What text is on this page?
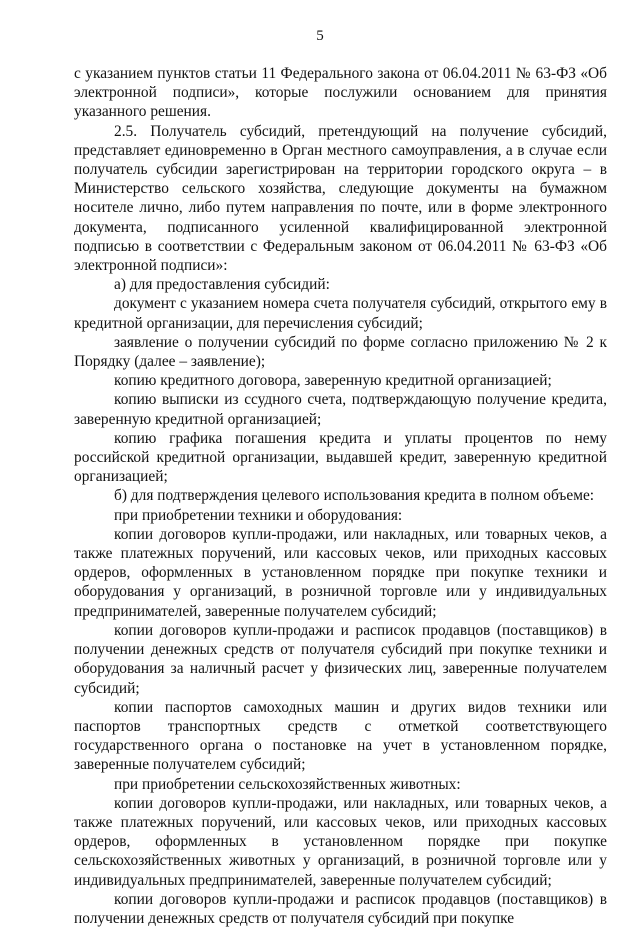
5

с указанием пунктов статьи 11 Федерального закона от 06.04.2011 № 63-ФЗ «Об электронной подписи», которые послужили основанием для принятия указанного решения.

2.5. Получатель субсидий, претендующий на получение субсидий, представляет единовременно в Орган местного самоуправления, а в случае если получатель субсидии зарегистрирован на территории городского округа – в Министерство сельского хозяйства, следующие документы на бумажном носителе лично, либо путем направления по почте, или в форме электронного документа, подписанного усиленной квалифицированной электронной подписью в соответствии с Федеральным законом от 06.04.2011 № 63-ФЗ «Об электронной подписи»:

а) для предоставления субсидий:

документ с указанием номера счета получателя субсидий, открытого ему в кредитной организации, для перечисления субсидий;

заявление о получении субсидий по форме согласно приложению № 2 к Порядку (далее – заявление);

копию кредитного договора, заверенную кредитной организацией;

копию выписки из ссудного счета, подтверждающую получение кредита, заверенную кредитной организацией;

копию графика погашения кредита и уплаты процентов по нему российской кредитной организации, выдавшей кредит, заверенную кредитной организацией;

б) для подтверждения целевого использования кредита в полном объеме:

при приобретении техники и оборудования:

копии договоров купли-продажи, или накладных, или товарных чеков, а также платежных поручений, или кассовых чеков, или приходных кассовых ордеров, оформленных в установленном порядке при покупке техники и оборудования у организаций, в розничной торговле или у индивидуальных предпринимателей, заверенные получателем субсидий;

копии договоров купли-продажи и расписок продавцов (поставщиков) в получении денежных средств от получателя субсидий при покупке техники и оборудования за наличный расчет у физических лиц, заверенные получателем субсидий;

копии паспортов самоходных машин и других видов техники или паспортов транспортных средств с отметкой соответствующего государственного органа о постановке на учет в установленном порядке, заверенные получателем субсидий;

при приобретении сельскохозяйственных животных:

копии договоров купли-продажи, или накладных, или товарных чеков, а также платежных поручений, или кассовых чеков, или приходных кассовых ордеров, оформленных в установленном порядке при покупке сельскохозяйственных животных у организаций, в розничной торговле или у индивидуальных предпринимателей, заверенные получателем субсидий;

копии договоров купли-продажи и расписок продавцов (поставщиков) в получении денежных средств от получателя субсидий при покупке
